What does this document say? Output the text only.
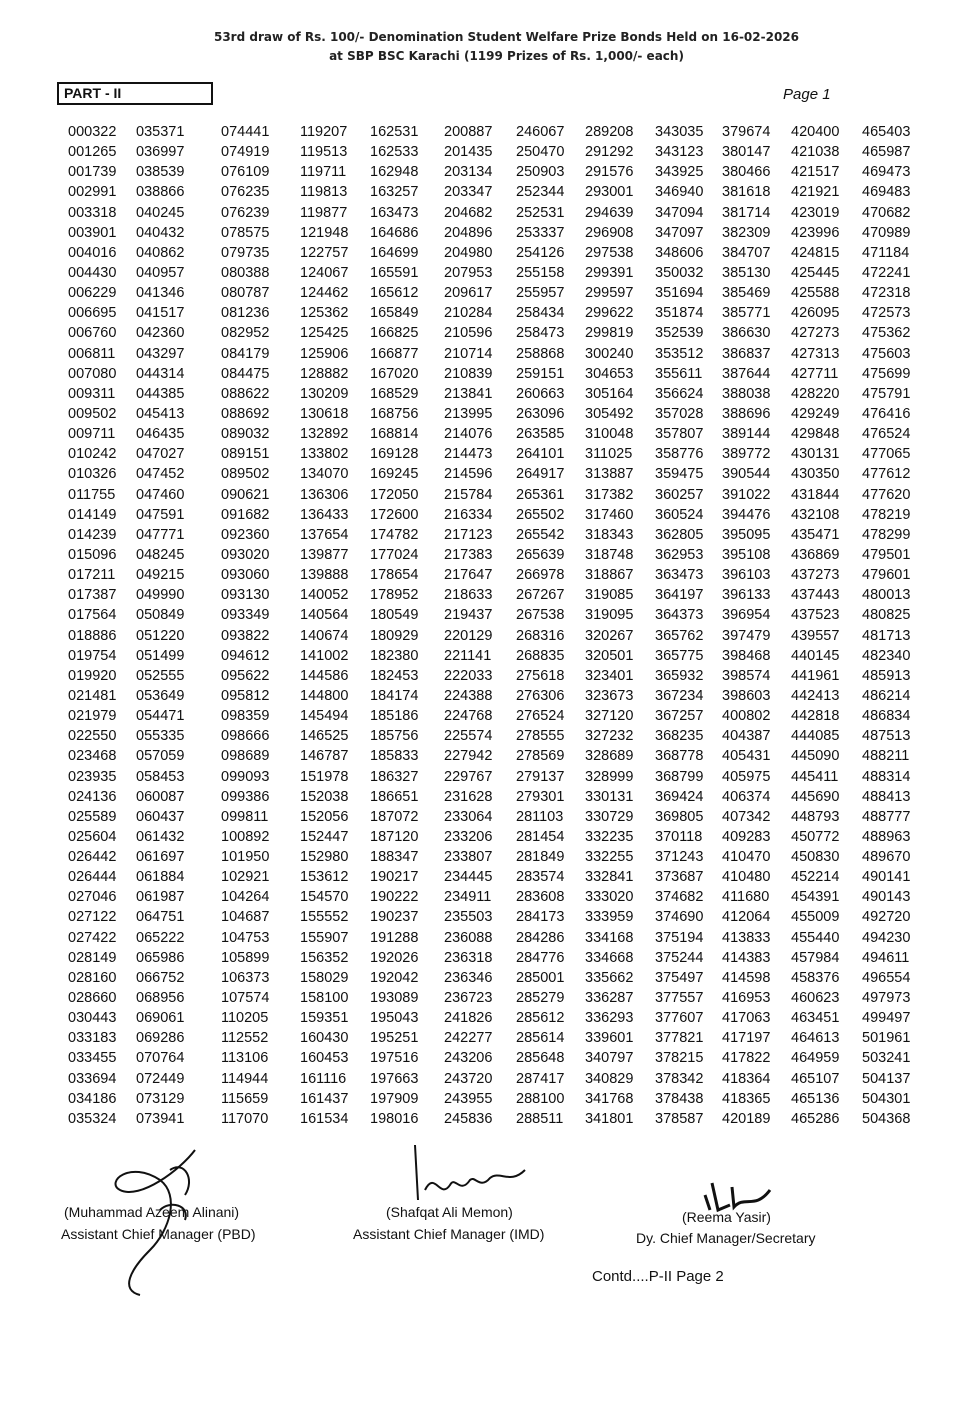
53rd draw of Rs. 100/- Denomination Student Welfare Prize Bonds Held on 16-02-2026
at SBP BSC Karachi (1199 Prizes of Rs. 1,000/- each)
PART - II	Page 1
000322
001265
001739
002991
003318
003901
004016
004430
006229
006695
006760
006811
007080
009311
009502
009711
010242
010326
011755
014149
014239
015096
017211
017387
017564
018886
019754
019920
021481
021979
022550
023468
023935
024136
025589
025604
026442
026444
027046
027122
027422
028149
028160
028660
030443
033183
033455
033694
034186
035324
035371
036997
038539
038866
040245
040432
040862
040957
041346
041517
042360
043297
044314
044385
045413
046435
047027
047452
047460
047591
047771
048245
049215
049990
050849
051220
051499
052555
053649
054471
055335
057059
058453
060087
060437
061432
061697
061884
061987
064751
065222
065986
066752
068956
069061
069286
070764
072449
073129
073941
074441
074919
076109
076235
076239
078575
079735
080388
080787
081236
082952
084179
084475
088622
088692
089032
089151
089502
090621
091682
092360
093020
093060
093130
093349
093822
094612
095622
095812
098359
098666
098689
099093
099386
099811
100892
101950
102921
104264
104687
104753
105899
106373
107574
110205
112552
113106
114944
115659
117070
119207
119513
119711
119813
119877
121948
122757
124067
124462
125362
125425
125906
128882
130209
130618
132892
133802
134070
136306
136433
137654
139877
139888
140052
140564
140674
141002
144586
144800
145494
146525
146787
151978
152038
152056
152447
152980
153612
154570
155552
155907
156352
158029
158100
159351
160430
160453
161116
161437
161534
162531
162533
162948
163257
163473
164686
164699
165591
165612
165849
166825
166877
167020
168529
168756
168814
169128
169245
172050
172600
174782
177024
178654
178952
180549
180929
182380
182453
184174
185186
185756
185833
186327
186651
187072
187120
188347
190217
190222
190237
191288
192026
192042
193089
195043
195251
197516
197663
197909
198016
200887
201435
203134
203347
204682
204896
204980
207953
209617
210284
210596
210714
210839
213841
213995
214076
214473
214596
215784
216334
217123
217383
217647
218633
219437
220129
221141
222033
224388
224768
225574
227942
229767
231628
233064
233206
233807
234445
234911
235503
236088
236318
236346
236723
241826
242277
243206
243720
243955
245836
246067
250470
250903
252344
252531
253337
254126
255158
255957
258434
258473
258868
259151
260663
263096
263585
264101
264917
265361
265502
265542
265639
266978
267267
267538
268316
268835
275618
276306
276524
278555
278569
279137
279301
281103
281454
281849
283574
283608
284173
284286
284776
285001
285279
285612
285614
285648
287417
288100
288511
289208
291292
291576
293001
294639
296908
297538
299391
299597
299622
299819
300240
304653
305164
305492
310048
311025
313887
317382
317460
318343
318748
318867
319085
319095
320267
320501
323401
323673
327120
327232
328689
328999
330131
330729
332235
332255
332841
333020
333959
334168
334668
335662
336287
336293
339601
340797
340829
341768
341801
343035
343123
343925
346940
347094
347097
348606
350032
351694
351874
352539
353512
355611
356624
357028
357807
358776
359475
360257
360524
362805
362953
363473
364197
364373
365762
365775
365932
367234
367257
368235
368778
368799
369424
369805
370118
371243
373687
374682
374690
375194
375244
375497
377557
377607
377821
378215
378342
378438
378587
379674
380147
380466
381618
381714
382309
384707
385130
385469
385771
386630
386837
387644
388038
388696
389144
389772
390544
391022
394476
395095
395108
396103
396133
396954
397479
398468
398574
398603
400802
404387
405431
405975
406374
407342
409283
410470
410480
411680
412064
413833
414383
414598
416953
417063
417197
417822
418364
418365
420189
420400
421038
421517
421921
423019
423996
424815
425445
425588
426095
427273
427313
427711
428220
429249
429848
430131
430350
431844
432108
435471
436869
437273
437443
437523
439557
440145
441961
442413
442818
444085
445090
445411
445690
448793
450772
450830
452214
454391
455009
455440
457984
458376
460623
463451
464613
464959
465107
465136
465286
465403
465987
469473
469483
470682
470989
471184
472241
472318
472573
475362
475603
475699
475791
476416
476524
477065
477612
477620
478219
478299
479501
479601
480013
480825
481713
482340
485913
486214
486834
487513
488211
488314
488413
488777
488963
489670
490141
490143
492720
494230
494611
496554
497973
499497
501961
503241
504137
504301
504368
(Muhammad Azeem Alinani)
Assistant Chief Manager (PBD)
(Shafqat Ali Memon)
Assistant Chief Manager (IMD)
(Reema Yasir)
Dy. Chief Manager/Secretary
Contd....P-II Page 2
